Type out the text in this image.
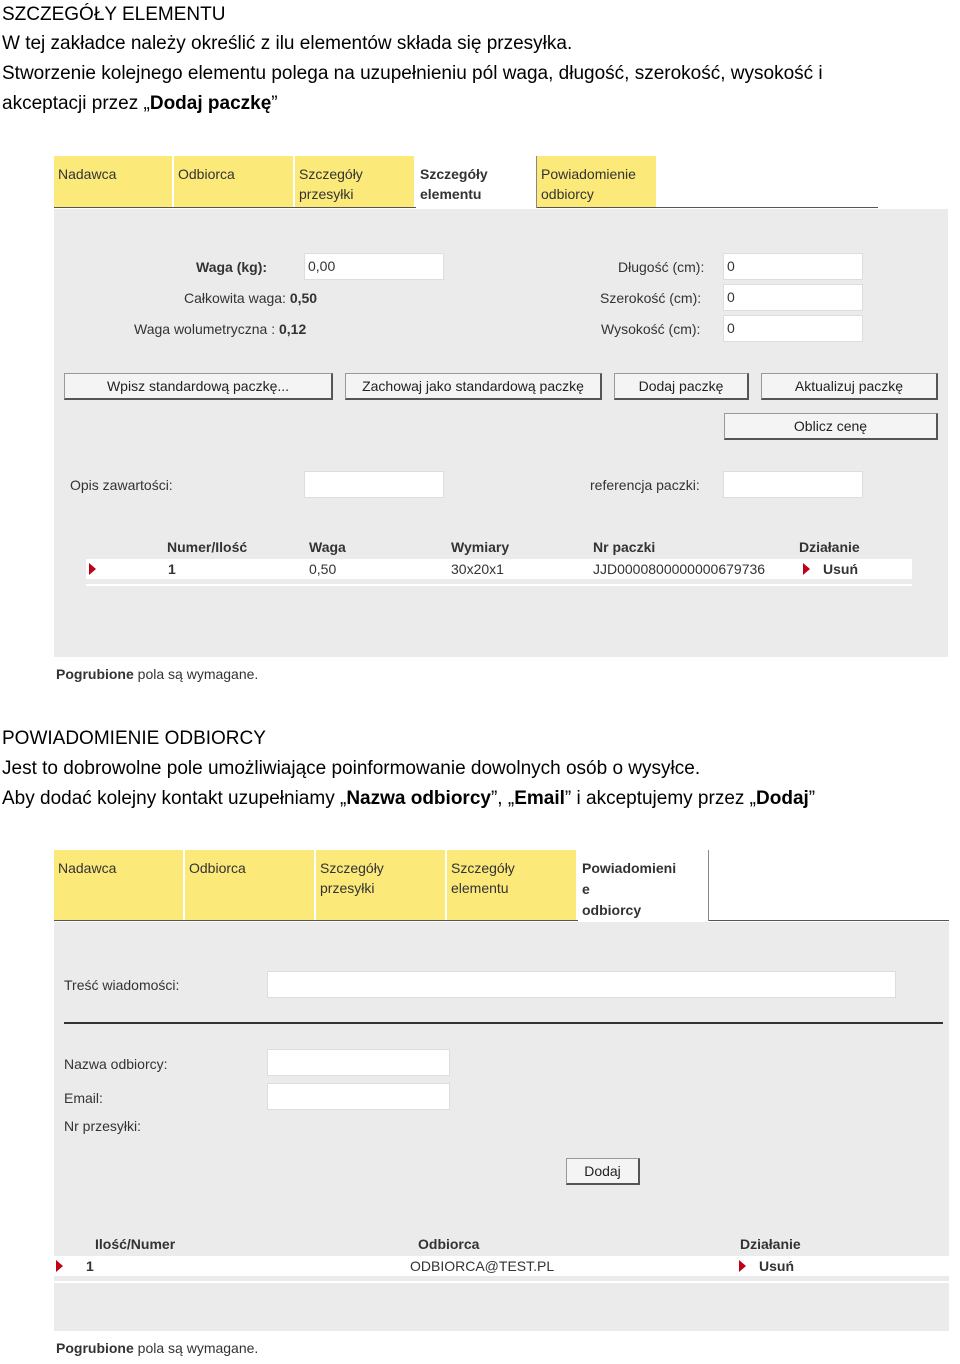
SZCZEGÓŁY ELEMENTU
W tej zakładce należy określić z ilu elementów składa się przesyłka.
Stworzenie kolejnego elementu polega na uzupełnieniu pól waga, długość, szerokość, wysokość i
akceptacji przez „Dodaj paczkę”
Nadawca	Odbiorca	Szczegóły
przesyłki
Szczegóły
elementu
Powiadomienie
odbiorcy
Waga (kg):	0,00
Całkowita waga: 0,50
Waga wolumetryczna : 0,12
Długość (cm): 0
Szerokość (cm): 0
Wysokość (cm): 0
Wpisz standardową paczkę...	Zachowaj jako standardową paczkę	Dodaj paczkę	Aktualizuj paczkę
Oblicz cenę
Opis zawartości:	referencja paczki:
Numer/Ilość	Waga	Wymiary	Nr paczki	Działanie
1	0,50	30x20x1	JJD0000800000000679736	Usuń
Pogrubione pola są wymagane.
POWIADOMIENIE ODBIORCY
Jest to dobrowolne pole umożliwiające poinformowanie dowolnych osób o wysyłce.
Aby dodać kolejny kontakt uzupełniamy „Nazwa odbiorcy”, „Email” i akceptujemy przez „Dodaj”
Nadawca	Odbiorca	Szczegóły
przesyłki
Szczegóły
elementu
Powiadomieni
e
odbiorcy
Treść wiadomości:
Nazwa odbiorcy:
Email:
Nr przesyłki:
Dodaj
Ilość/Numer	Odbiorca	Działanie
1	ODBIORCA@TEST.PL	Usuń
Pogrubione pola są wymagane.
